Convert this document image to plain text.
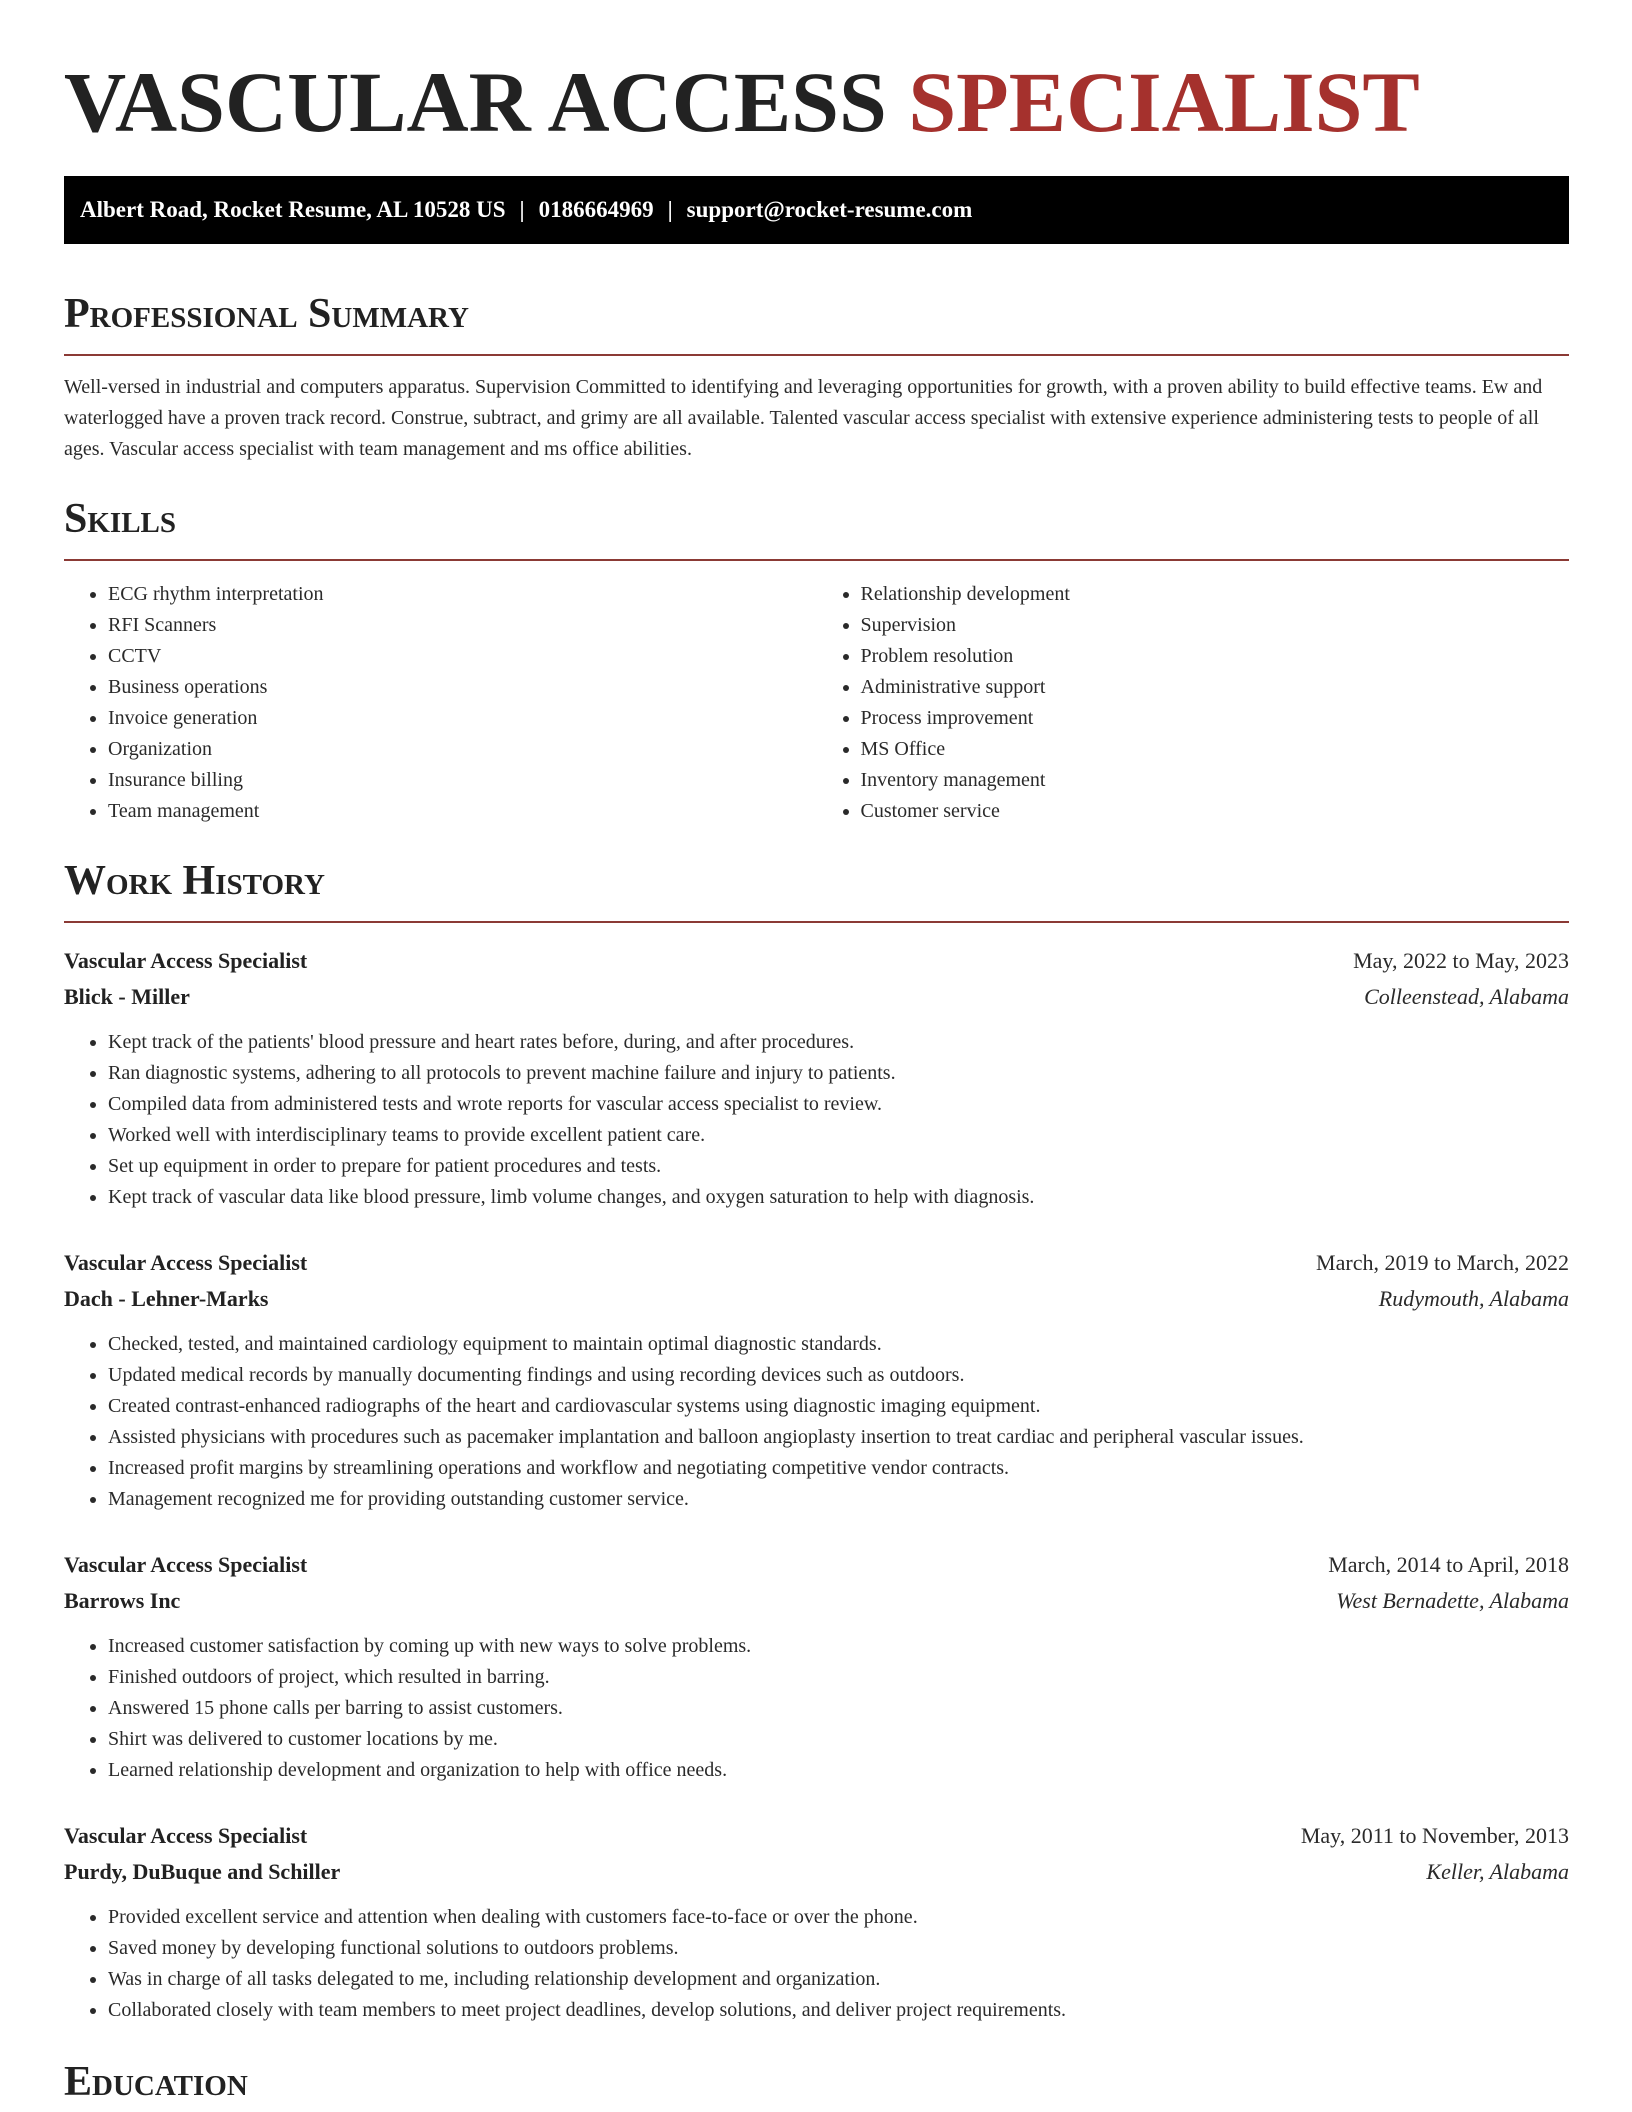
VASCULAR ACCESS SPECIALIST
Albert Road, Rocket Resume, AL 10528 US | 0186664969 | support@rocket-resume.com
Professional Summary

Well-versed in industrial and computers apparatus. Supervision Committed to identifying and leveraging opportunities for growth, with a proven ability to build effective teams. Ew and waterlogged have a proven track record. Construe, subtract, and grimy are all available. Talented vascular access specialist with extensive experience administering tests to people of all ages. Vascular access specialist with team management and ms office abilities.

Skills
• ECG rhythm interpretation
• RFI Scanners
• CCTV
• Business operations
• Invoice generation
• Organization
• Insurance billing
• Team management
• Relationship development
• Supervision
• Problem resolution
• Administrative support
• Process improvement
• MS Office
• Inventory management
• Customer service
Work History
Vascular Access Specialist	May, 2022 to May, 2023
Blick - Miller	Colleenstead, Alabama
• Kept track of the patients' blood pressure and heart rates before, during, and after procedures.
• Ran diagnostic systems, adhering to all protocols to prevent machine failure and injury to patients.
• Compiled data from administered tests and wrote reports for vascular access specialist to review.
• Worked well with interdisciplinary teams to provide excellent patient care.
• Set up equipment in order to prepare for patient procedures and tests.
• Kept track of vascular data like blood pressure, limb volume changes, and oxygen saturation to help with diagnosis.
Vascular Access Specialist	March, 2019 to March, 2022
Dach - Lehner-Marks	Rudymouth, Alabama
• Checked, tested, and maintained cardiology equipment to maintain optimal diagnostic standards.
• Updated medical records by manually documenting findings and using recording devices such as outdoors.
• Created contrast-enhanced radiographs of the heart and cardiovascular systems using diagnostic imaging equipment.
• Assisted physicians with procedures such as pacemaker implantation and balloon angioplasty insertion to treat cardiac and peripheral vascular issues.
• Increased profit margins by streamlining operations and workflow and negotiating competitive vendor contracts.
• Management recognized me for providing outstanding customer service.
Vascular Access Specialist	March, 2014 to April, 2018
Barrows Inc	West Bernadette, Alabama
• Increased customer satisfaction by coming up with new ways to solve problems.
• Finished outdoors of project, which resulted in barring.
• Answered 15 phone calls per barring to assist customers.
• Shirt was delivered to customer locations by me.
• Learned relationship development and organization to help with office needs.
Vascular Access Specialist	May, 2011 to November, 2013
Purdy, DuBuque and Schiller	Keller, Alabama
• Provided excellent service and attention when dealing with customers face-to-face or over the phone.
• Saved money by developing functional solutions to outdoors problems.
• Was in charge of all tasks delegated to me, including relationship development and organization.
• Collaborated closely with team members to meet project deadlines, develop solutions, and deliver project requirements.
Education
